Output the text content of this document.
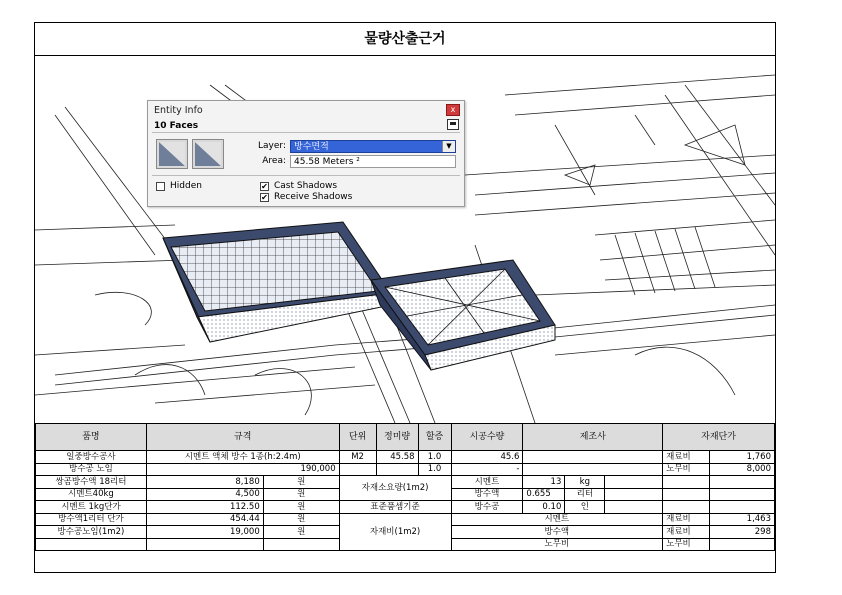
물량산출근거
Entity Info	x
10 Faces
Layer: 방수면적	▼
Area: 45.58 Meters ²
Hidden	✔ Cast Shadows
✔ Receive Shadows
품명	규격		단위	정미량	할증	시공수량	제조사			자재단가	
일중방수공사	시멘트 액체 방수 1종(h:2.4m)		M2	45.58	1.0	45.6				재료비	1,760
방수공 노임	190,000				1.0	-				노무비	8,000
쌍곰방수액 18리터	8,180	원	자재소요량(1m2)			시멘트	13	kg			
시멘트40kg	4,500	원				방수액	0.655	리터			
시멘트 1kg단가	112.50	원	표준품셈기준			방수공	0.10	인			
방수액1리터 단가	454.44	원	자재비(1m2)			시멘트				재료비	1,463
방수공노임(1m2)	19,000	원				방수액				재료비	298
						노무비				노무비	
